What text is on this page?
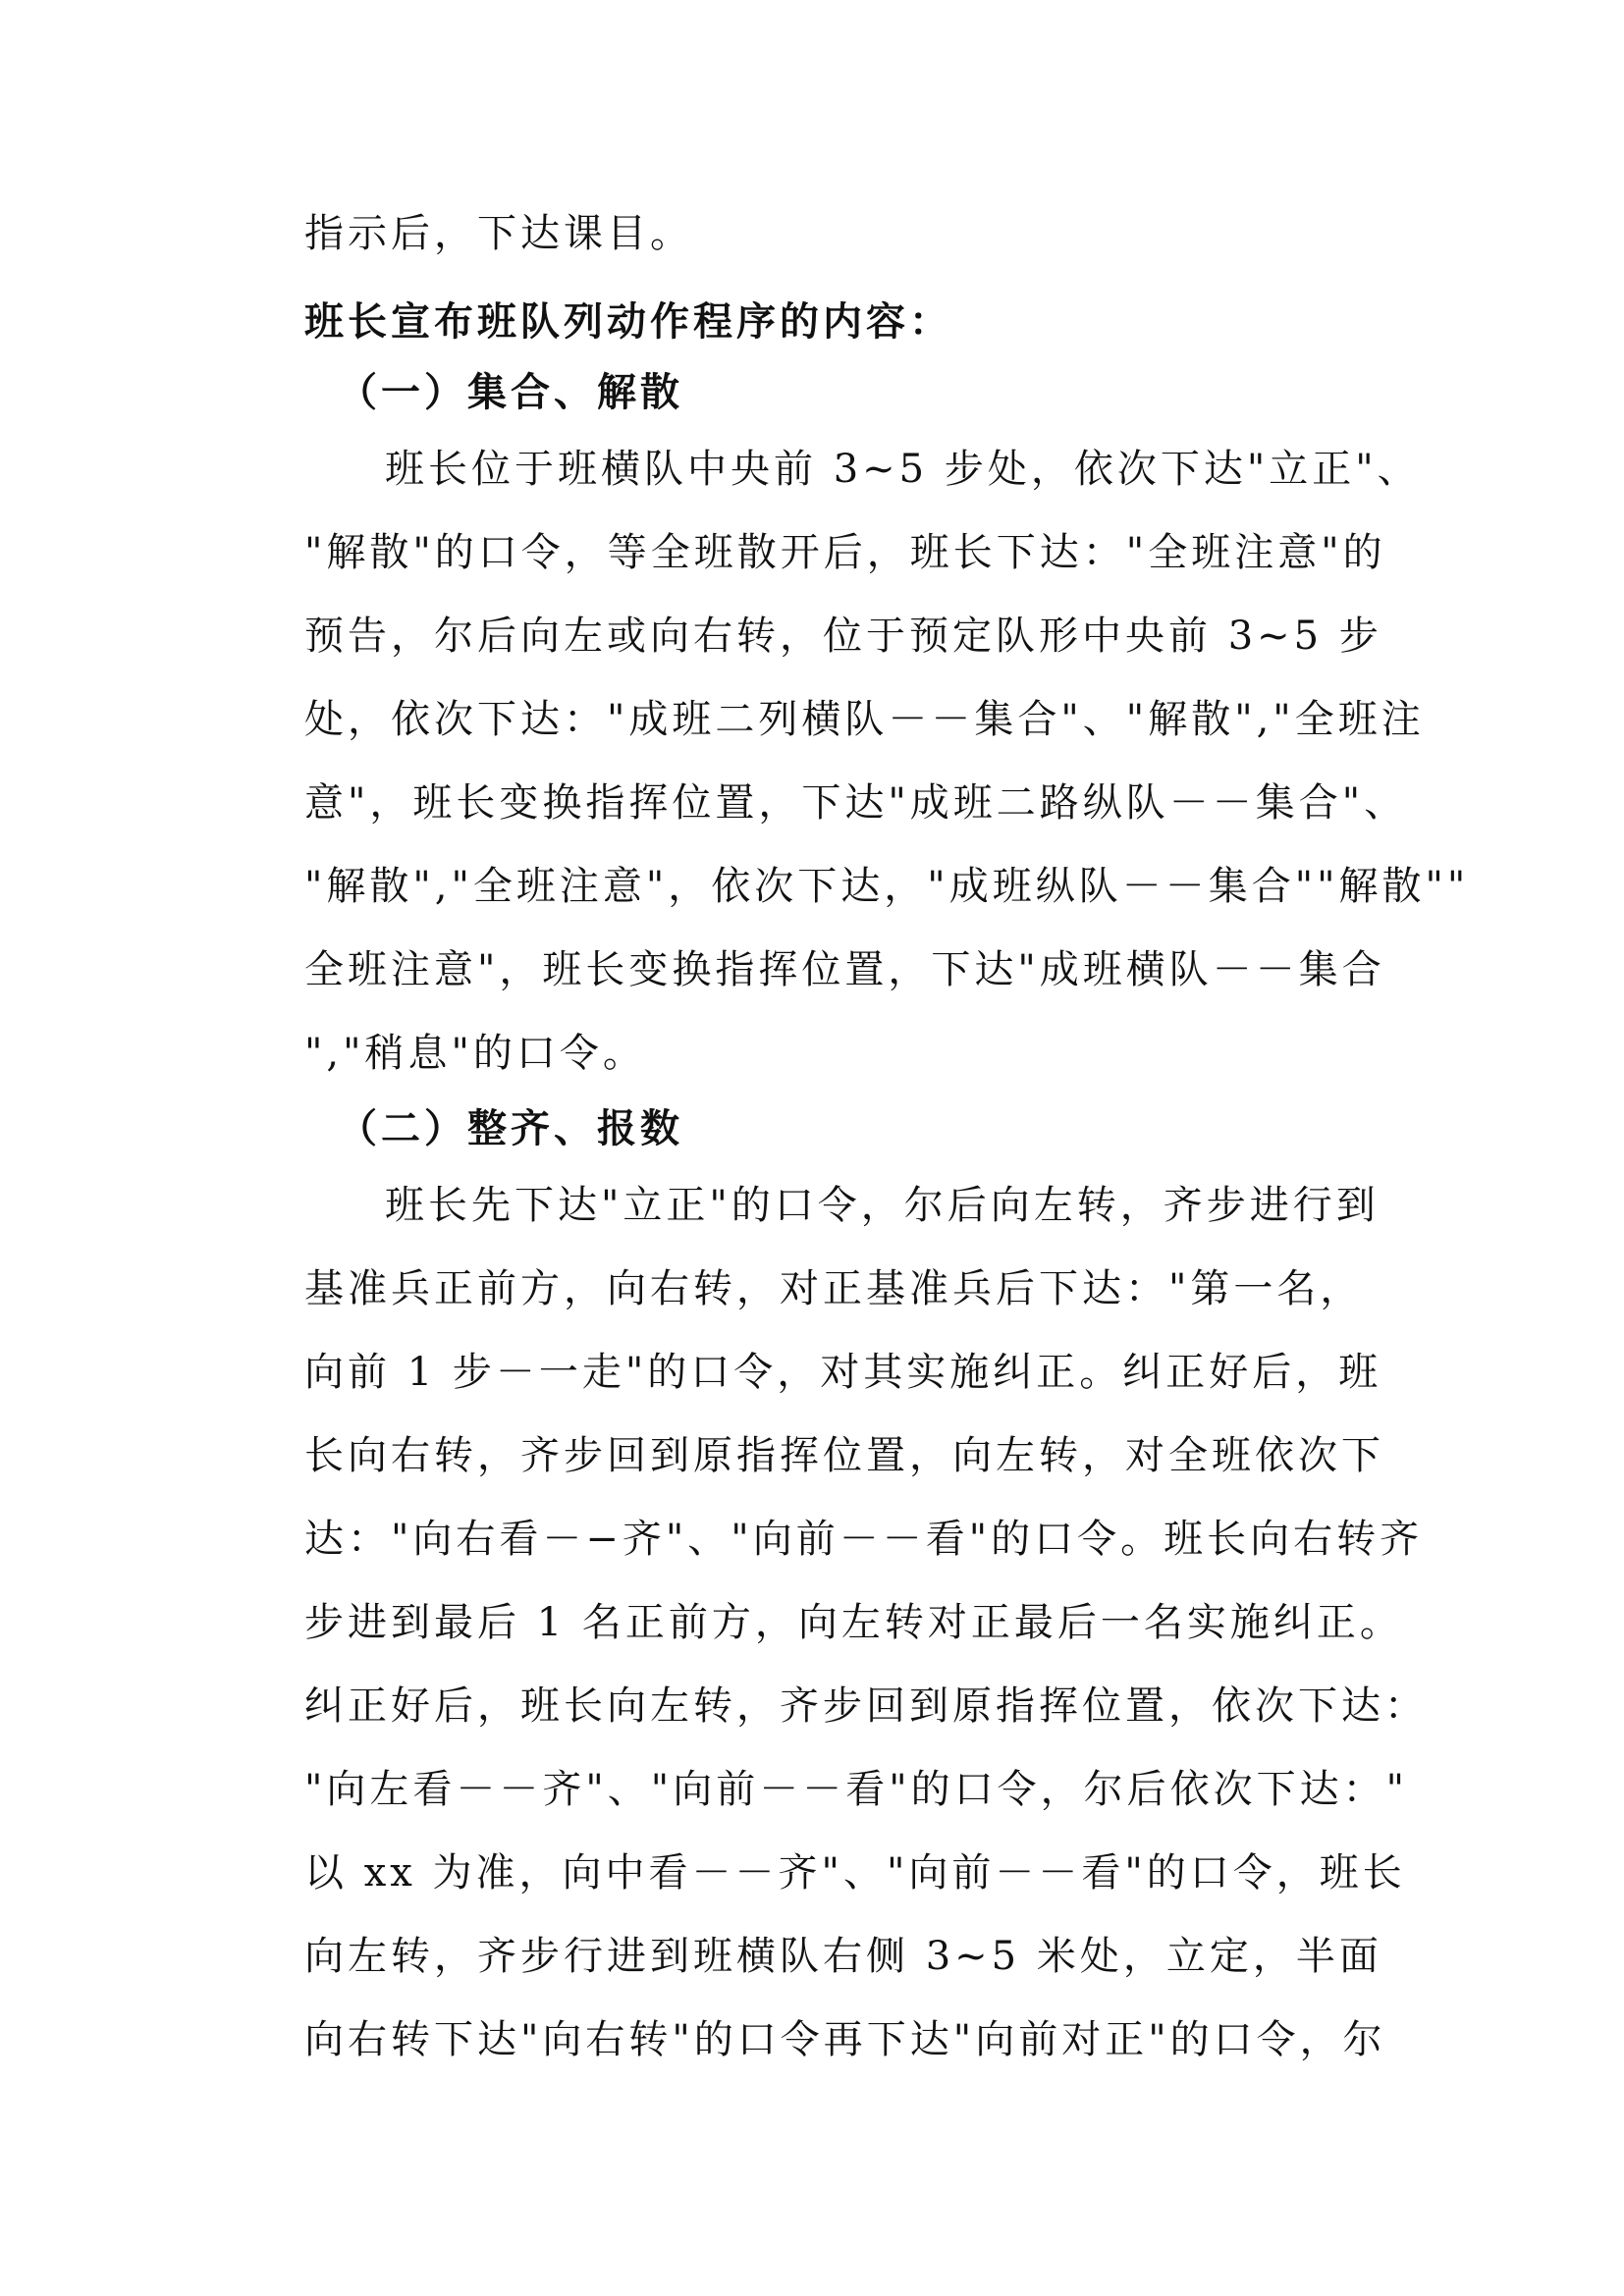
指示后，下达课目。
班长宣布班队列动作程序的内容：
（一）集合、解散
班长位于班横队中央前 3~5 步处，依次下达"立正"、
"解散"的口令，等全班散开后，班长下达："全班注意"的
预告，尔后向左或向右转，位于预定队形中央前 3~5 步
处，依次下达："成班二列横队－－集合"、"解散","全班注
意"，班长变换指挥位置，下达"成班二路纵队－－集合"、
"解散","全班注意"，依次下达，"成班纵队－－集合""解散""
全班注意"，班长变换指挥位置，下达"成班横队－－集合
","稍息"的口令。
（二）整齐、报数
班长先下达"立正"的口令，尔后向左转，齐步进行到
基准兵正前方，向右转，对正基准兵后下达："第一名，
向前 1 步－一走"的口令，对其实施纠正。纠正好后，班
长向右转，齐步回到原指挥位置，向左转，对全班依次下
达："向右看－−齐"、"向前－－看"的口令。班长向右转齐
步进到最后 1 名正前方，向左转对正最后一名实施纠正。
纠正好后，班长向左转，齐步回到原指挥位置，依次下达：
"向左看－－齐"、"向前－－看"的口令，尔后依次下达："
以 xx 为准，向中看－－齐"、"向前－－看"的口令，班长
向左转，齐步行进到班横队右侧 3~5 米处，立定，半面
向右转下达"向右转"的口令再下达"向前对正"的口令，尔
